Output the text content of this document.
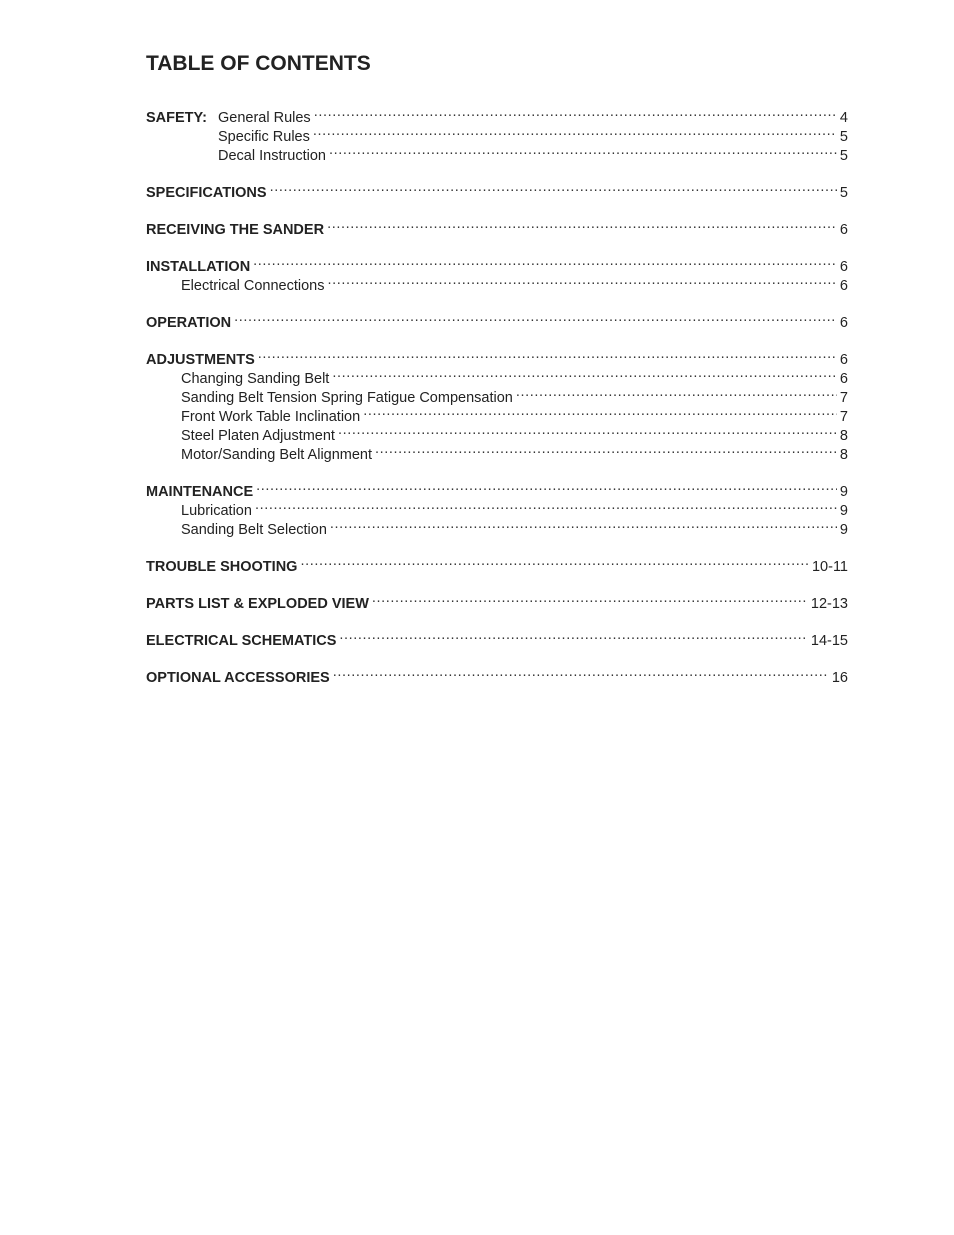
TABLE OF CONTENTS
SAFETY: General Rules .....	4
Specific Rules .....	5
Decal Instruction .....	5
SPECIFICATIONS .....	5
RECEIVING THE SANDER .....	6
INSTALLATION .....	6
Electrical Connections .....	6
OPERATION .....	6
ADJUSTMENTS .....	6
Changing Sanding Belt .....	6
Sanding Belt Tension Spring Fatigue Compensation .....	7
Front Work Table Inclination .....	7
Steel Platen Adjustment .....	8
Motor/Sanding Belt Alignment .....	8
MAINTENANCE .....	9
Lubrication .....	9
Sanding Belt Selection .....	9
TROUBLE SHOOTING .....	10-11
PARTS LIST & EXPLODED VIEW .....	12-13
ELECTRICAL SCHEMATICS .....	14-15
OPTIONAL ACCESSORIES .....	16
